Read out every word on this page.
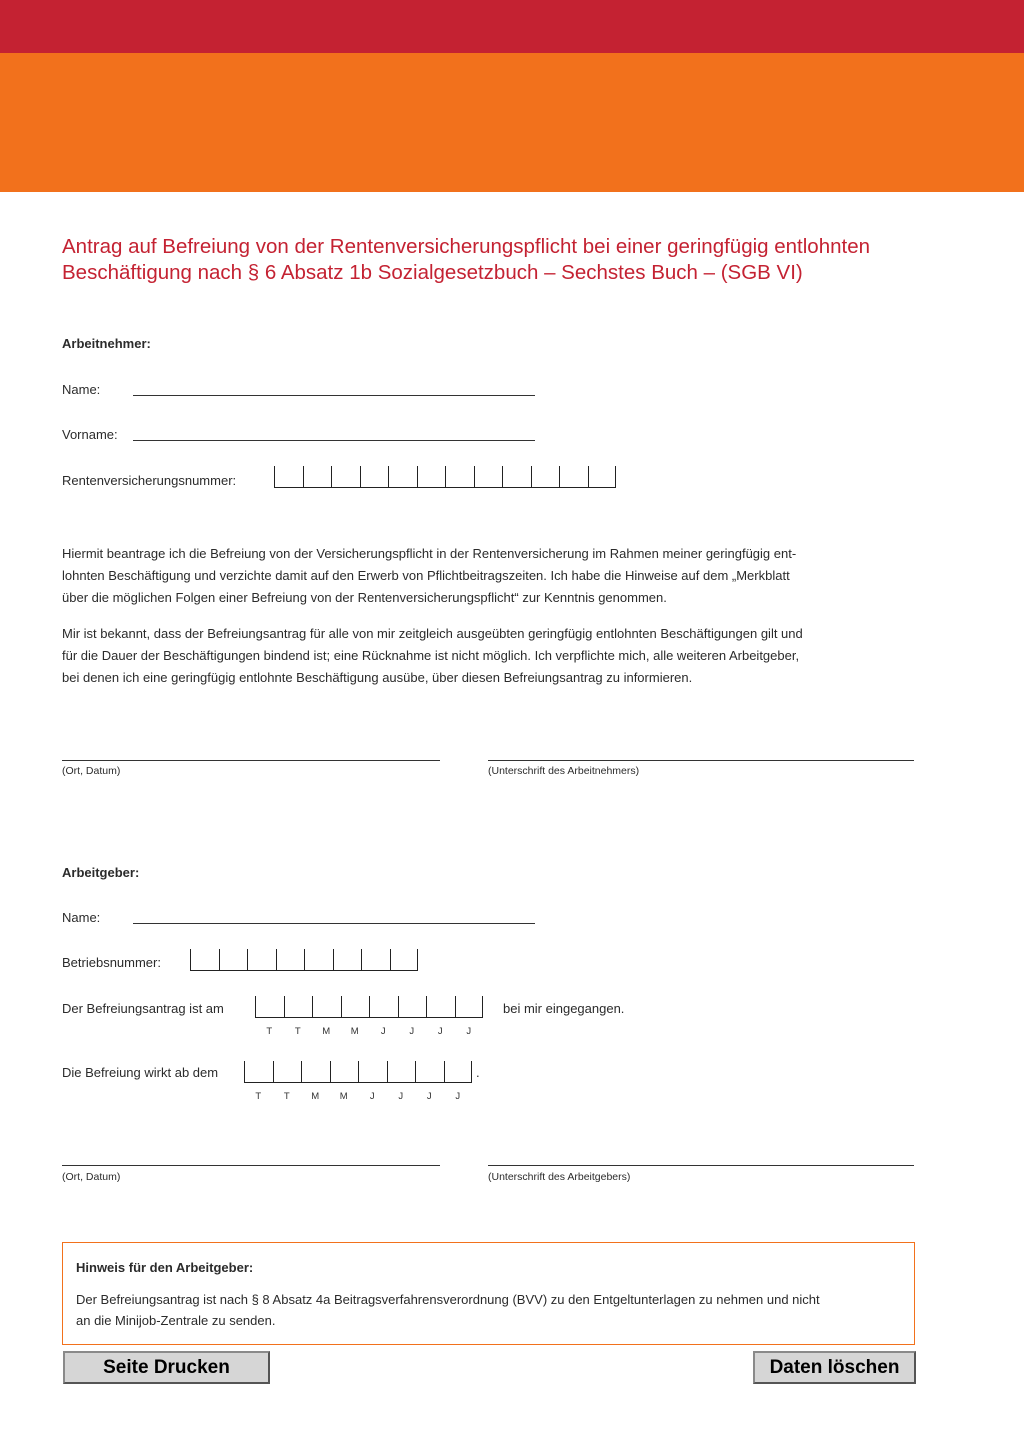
Antrag auf Befreiung von der Rentenversicherungspflicht bei einer geringfügig entlohnten
Beschäftigung nach § 6 Absatz 1b Sozialgesetzbuch – Sechstes Buch – (SGB VI)
Arbeitnehmer:
Name:
Vorname:
Rentenversicherungsnummer:
Hiermit beantrage ich die Befreiung von der Versicherungspflicht in der Rentenversicherung im Rahmen meiner geringfügig ent-
lohnten Beschäftigung und verzichte damit auf den Erwerb von Pflichtbeitragszeiten. Ich habe die Hinweise auf dem „Merkblatt
über die möglichen Folgen einer Befreiung von der Rentenversicherungspflicht“ zur Kenntnis genommen.
Mir ist bekannt, dass der Befreiungsantrag für alle von mir zeitgleich ausgeübten geringfügig entlohnten Beschäftigungen gilt und
für die Dauer der Beschäftigungen bindend ist; eine Rücknahme ist nicht möglich. Ich verpflichte mich, alle weiteren Arbeitgeber,
bei denen ich eine geringfügig entlohnte Beschäftigung ausübe, über diesen Befreiungsantrag zu informieren.
(Ort, Datum)	(Unterschrift des Arbeitnehmers)
Arbeitgeber:
Name:
Betriebsnummer:
Der Befreiungsantrag ist am	bei mir eingegangen.
T	T	M	M	J	J	J	J
Die Befreiung wirkt ab dem	.
T	T	M	M	J	J	J	J
(Ort, Datum)	(Unterschrift des Arbeitgebers)
Hinweis für den Arbeitgeber:
Der Befreiungsantrag ist nach § 8 Absatz 4a Beitragsverfahrensverordnung (BVV) zu den Entgeltunterlagen zu nehmen und nicht
an die Minijob-Zentrale zu senden.
Seite Drucken	Daten löschen
